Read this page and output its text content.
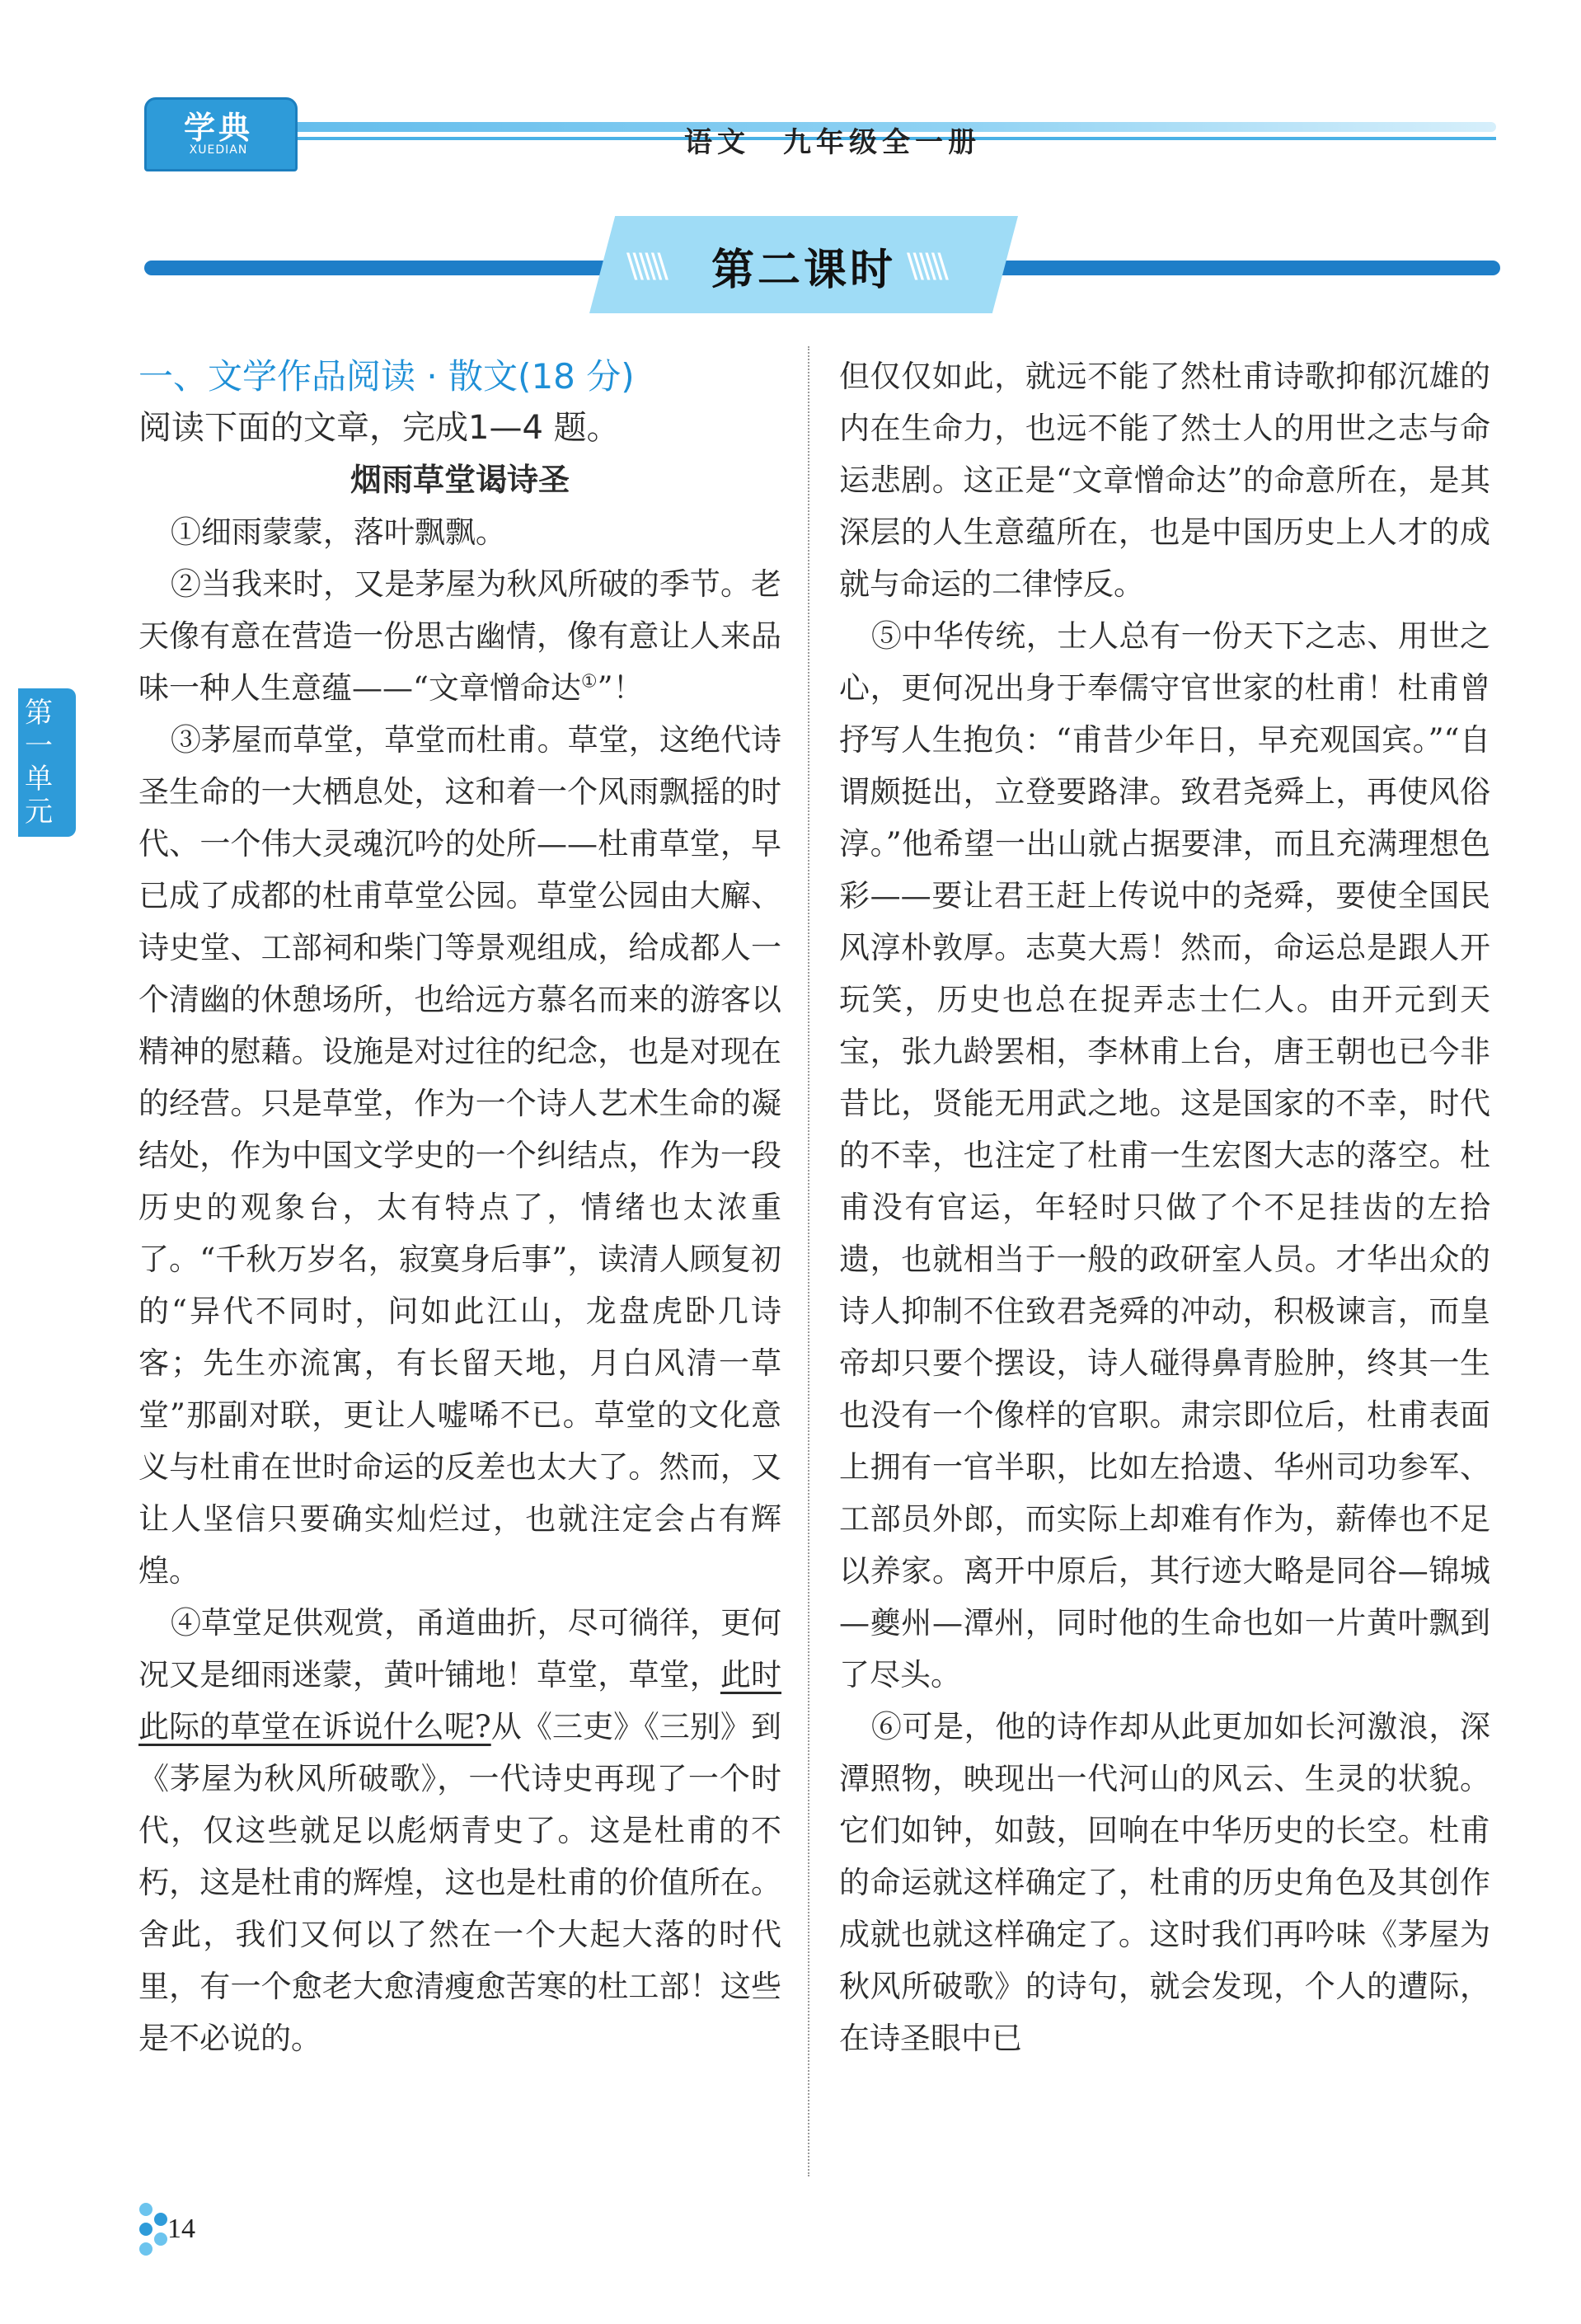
学典
XUEDIAN	语文　九年级全一册
\\\\\\	\\\\\\
第二课时
第一单元

一、文学作品阅读 · 散文(18 分)

阅读下面的文章，完成1—4 题。

烟雨草堂谒诗圣

①细雨蒙蒙，落叶飘飘。

②当我来时，又是茅屋为秋风所破的季节。老天像有意在营造一份思古幽情，像有意让人来品味一种人生意蕴——“文章憎命达①”！

③茅屋而草堂，草堂而杜甫。草堂，这绝代诗圣生命的一大栖息处，这和着一个风雨飘摇的时代、一个伟大灵魂沉吟的处所——杜甫草堂，早已成了成都的杜甫草堂公园。草堂公园由大廨、诗史堂、工部祠和柴门等景观组成，给成都人一个清幽的休憩场所，也给远方慕名而来的游客以精神的慰藉。设施是对过往的纪念，也是对现在的经营。只是草堂，作为一个诗人艺术生命的凝结处，作为中国文学史的一个纠结点，作为一段历史的观象台，太有特点了，情绪也太浓重了。“千秋万岁名，寂寞身后事”，读清人顾复初的“异代不同时，问如此江山，龙盘虎卧几诗客；先生亦流寓，有长留天地，月白风清一草堂”那副对联，更让人嘘唏不已。草堂的文化意义与杜甫在世时命运的反差也太大了。然而，又让人坚信只要确实灿烂过，也就注定会占有辉煌。

④草堂足供观赏，甬道曲折，尽可徜徉，更何况又是细雨迷蒙，黄叶铺地！草堂，草堂，此时此际的草堂在诉说什么呢?从《三吏》《三别》到《茅屋为秋风所破歌》，一代诗史再现了一个时代，仅这些就足以彪炳青史了。这是杜甫的不朽，这是杜甫的辉煌，这也是杜甫的价值所在。舍此，我们又何以了然在一个大起大落的时代里，有一个愈老大愈清瘦愈苦寒的杜工部！这些是不必说的。

但仅仅如此，就远不能了然杜甫诗歌抑郁沉雄的内在生命力，也远不能了然士人的用世之志与命运悲剧。这正是“文章憎命达”的命意所在，是其深层的人生意蕴所在，也是中国历史上人才的成就与命运的二律悖反。

⑤中华传统，士人总有一份天下之志、用世之心，更何况出身于奉儒守官世家的杜甫！杜甫曾抒写人生抱负：“甫昔少年日，早充观国宾。”“自谓颇挺出，立登要路津。致君尧舜上，再使风俗淳。”他希望一出山就占据要津，而且充满理想色彩——要让君王赶上传说中的尧舜，要使全国民风淳朴敦厚。志莫大焉！然而，命运总是跟人开玩笑，历史也总在捉弄志士仁人。由开元到天宝，张九龄罢相，李林甫上台，唐王朝也已今非昔比，贤能无用武之地。这是国家的不幸，时代的不幸，也注定了杜甫一生宏图大志的落空。杜甫没有官运，年轻时只做了个不足挂齿的左拾遗，也就相当于一般的政研室人员。才华出众的诗人抑制不住致君尧舜的冲动，积极谏言，而皇帝却只要个摆设，诗人碰得鼻青脸肿，终其一生也没有一个像样的官职。肃宗即位后，杜甫表面上拥有一官半职，比如左拾遗、华州司功参军、工部员外郎，而实际上却难有作为，薪俸也不足以养家。离开中原后，其行迹大略是同谷—锦城—夔州—潭州，同时他的生命也如一片黄叶飘到了尽头。

⑥可是，他的诗作却从此更加如长河激浪，深潭照物，映现出一代河山的风云、生灵的状貌。它们如钟，如鼓，回响在中华历史的长空。杜甫的命运就这样确定了，杜甫的历史角色及其创作成就也就这样确定了。这时我们再吟味《茅屋为秋风所破歌》的诗句，就会发现，个人的遭际，在诗圣眼中已

14
